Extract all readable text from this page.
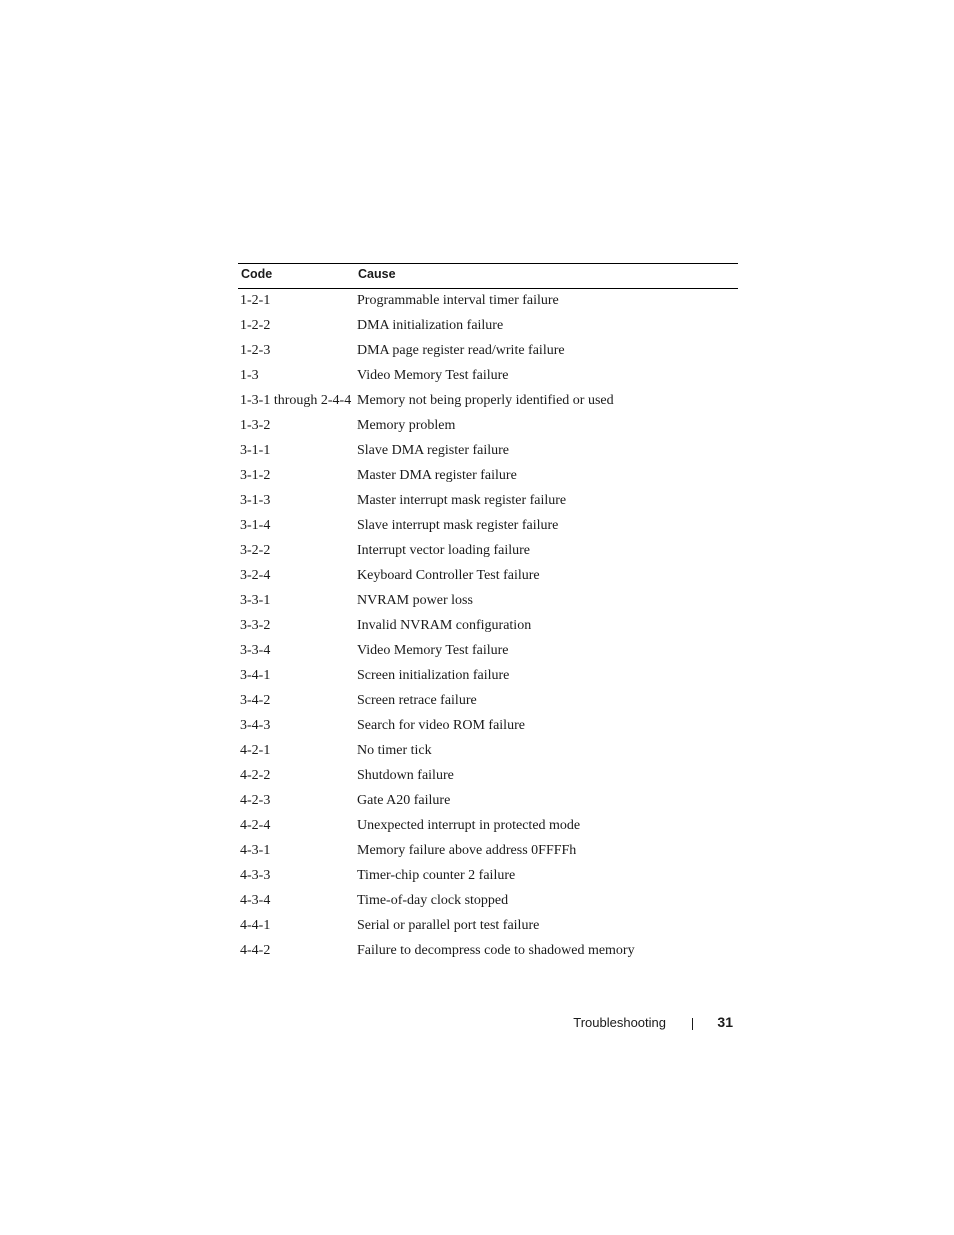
Code	Cause
1-2-1	Programmable interval timer failure
1-2-2	DMA initialization failure
1-2-3	DMA page register read/write failure
1-3	Video Memory Test failure
1-3-1 through 2-4-4	Memory not being properly identified or used
1-3-2	Memory problem
3-1-1	Slave DMA register failure
3-1-2	Master DMA register failure
3-1-3	Master interrupt mask register failure
3-1-4	Slave interrupt mask register failure
3-2-2	Interrupt vector loading failure
3-2-4	Keyboard Controller Test failure
3-3-1	NVRAM power loss
3-3-2	Invalid NVRAM configuration
3-3-4	Video Memory Test failure
3-4-1	Screen initialization failure
3-4-2	Screen retrace failure
3-4-3	Search for video ROM failure
4-2-1	No timer tick
4-2-2	Shutdown failure
4-2-3	Gate A20 failure
4-2-4	Unexpected interrupt in protected mode
4-3-1	Memory failure above address 0FFFFh
4-3-3	Timer-chip counter 2 failure
4-3-4	Time-of-day clock stopped
4-4-1	Serial or parallel port test failure
4-4-2	Failure to decompress code to shadowed memory
Troubleshooting	31
